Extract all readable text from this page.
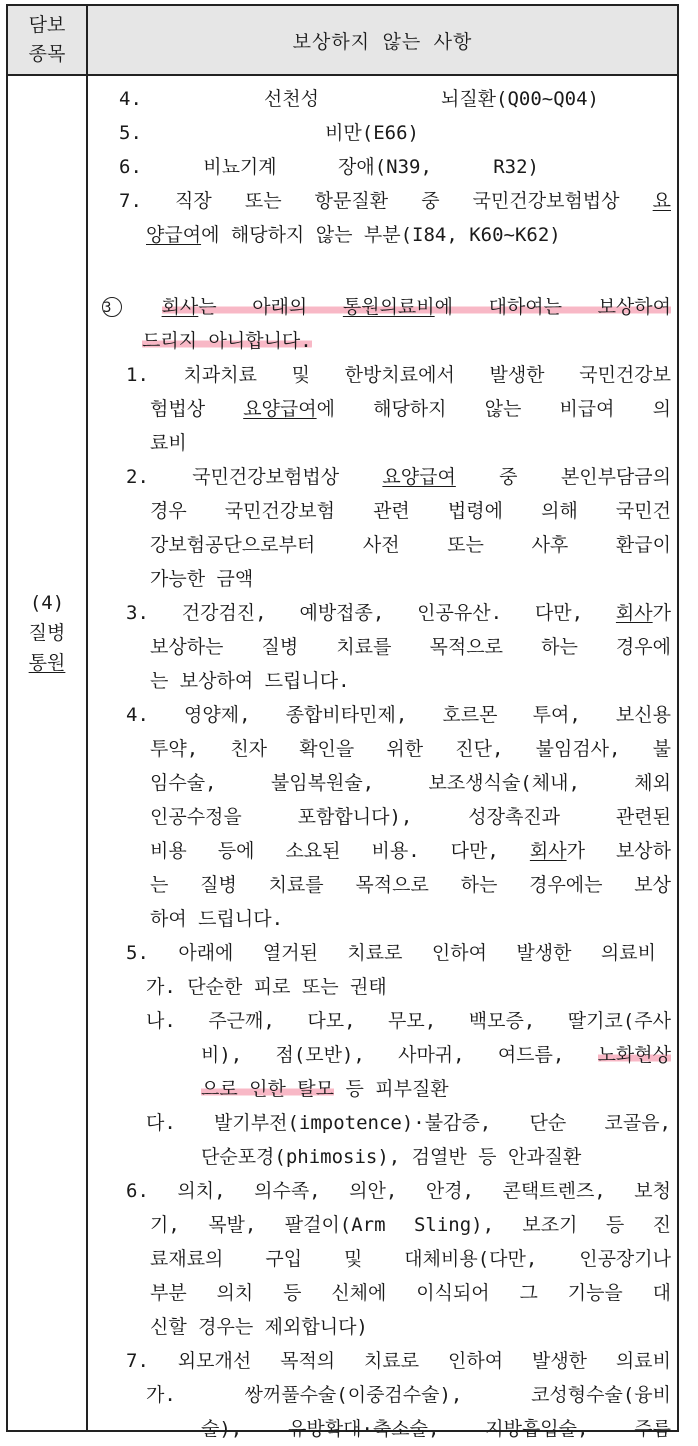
담보
종목
보상하지 않는 사항
(4)
질병
통원
4. 선천성 뇌질환(Q00~Q04)
5. 비만(E66)
6. 비뇨기계 장애(N39, R32)
7. 직장 또는 항문질환 중 국민건강보험법상 요
양급여에 해당하지 않는 부분(I84, K60~K62)
3	회사는 아래의 통원의료비에 대하여는 보상하여
드리지 아니합니다.
1. 치과치료 및 한방치료에서 발생한 국민건강보
험법상 요양급여에 해당하지 않는 비급여 의
료비
2. 국민건강보험법상 요양급여 중 본인부담금의
경우 국민건강보험 관련 법령에 의해 국민건
강보험공단으로부터 사전 또는 사후 환급이
가능한 금액
3. 건강검진, 예방접종, 인공유산. 다만, 회사가
보상하는 질병 치료를 목적으로 하는 경우에
는 보상하여 드립니다.
4. 영양제, 종합비타민제, 호르몬 투여, 보신용
투약, 친자 확인을 위한 진단, 불임검사, 불
임수술, 불임복원술, 보조생식술(체내, 체외
인공수정을 포함합니다), 성장촉진과 관련된
비용 등에 소요된 비용. 다만, 회사가 보상하
는 질병 치료를 목적으로 하는 경우에는 보상
하여 드립니다.
5. 아래에 열거된 치료로 인하여 발생한 의료비
가. 단순한 피로 또는 권태
나. 주근깨, 다모, 무모, 백모증, 딸기코(주사
비), 점(모반), 사마귀, 여드름, 노화현상
으로 인한 탈모 등 피부질환
다. 발기부전(impotence)·불감증, 단순 코골음,
단순포경(phimosis), 검열반 등 안과질환
6. 의치, 의수족, 의안, 안경, 콘택트렌즈, 보청
기, 목발, 팔걸이(Arm Sling), 보조기 등 진
료재료의 구입 및 대체비용(다만, 인공장기나
부분 의치 등 신체에 이식되어 그 기능을 대
신할 경우는 제외합니다)
7. 외모개선 목적의 치료로 인하여 발생한 의료비
가. 쌍꺼풀수술(이중검수술), 코성형수술(융비
술), 유방확대·축소술, 지방흡입술, 주름
